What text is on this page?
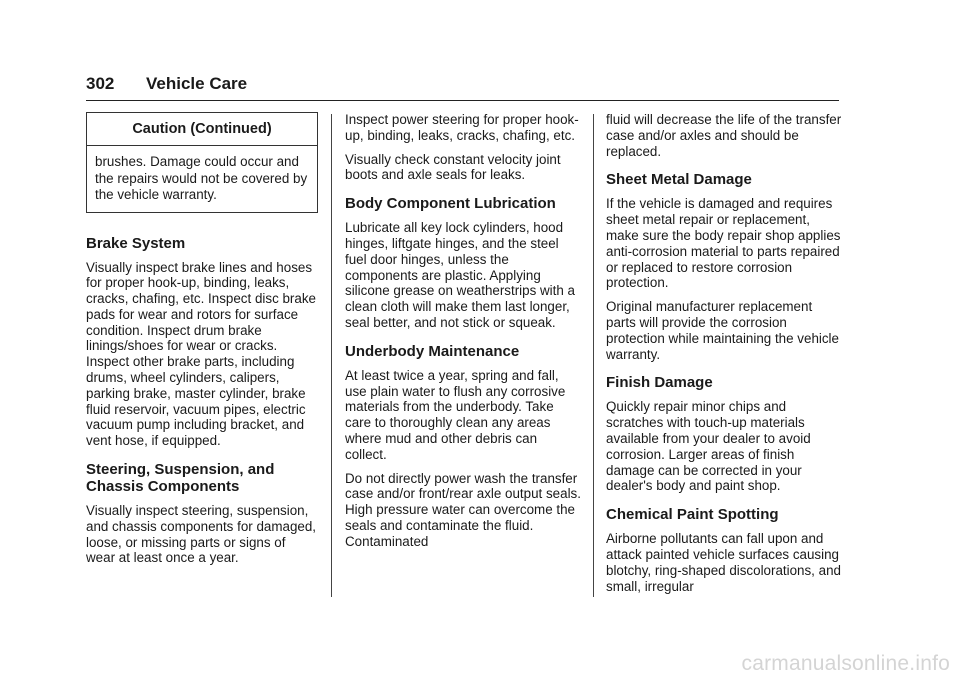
302 Vehicle Care
Caution (Continued)
brushes. Damage could occur and the repairs would not be covered by the vehicle warranty.
Brake System

Visually inspect brake lines and hoses for proper hook-up, binding, leaks, cracks, chafing, etc. Inspect disc brake pads for wear and rotors for surface condition. Inspect drum brake linings/shoes for wear or cracks. Inspect other brake parts, including drums, wheel cylinders, calipers, parking brake, master cylinder, brake fluid reservoir, vacuum pipes, electric vacuum pump including bracket, and vent hose, if equipped.

Steering, Suspension, and Chassis Components

Visually inspect steering, suspension, and chassis components for damaged, loose, or missing parts or signs of wear at least once a year.

Inspect power steering for proper hook-up, binding, leaks, cracks, chafing, etc.

Visually check constant velocity joint boots and axle seals for leaks.

Body Component Lubrication

Lubricate all key lock cylinders, hood hinges, liftgate hinges, and the steel fuel door hinges, unless the components are plastic. Applying silicone grease on weatherstrips with a clean cloth will make them last longer, seal better, and not stick or squeak.

Underbody Maintenance

At least twice a year, spring and fall, use plain water to flush any corrosive materials from the underbody. Take care to thoroughly clean any areas where mud and other debris can collect.

Do not directly power wash the transfer case and/or front/rear axle output seals. High pressure water can overcome the seals and contaminate the fluid. Contaminated

fluid will decrease the life of the transfer case and/or axles and should be replaced.

Sheet Metal Damage

If the vehicle is damaged and requires sheet metal repair or replacement, make sure the body repair shop applies anti-corrosion material to parts repaired or replaced to restore corrosion protection.

Original manufacturer replacement parts will provide the corrosion protection while maintaining the vehicle warranty.

Finish Damage

Quickly repair minor chips and scratches with touch-up materials available from your dealer to avoid corrosion. Larger areas of finish damage can be corrected in your dealer's body and paint shop.

Chemical Paint Spotting

Airborne pollutants can fall upon and attack painted vehicle surfaces causing blotchy, ring-shaped discolorations, and small, irregular

carmanualsonline.info
